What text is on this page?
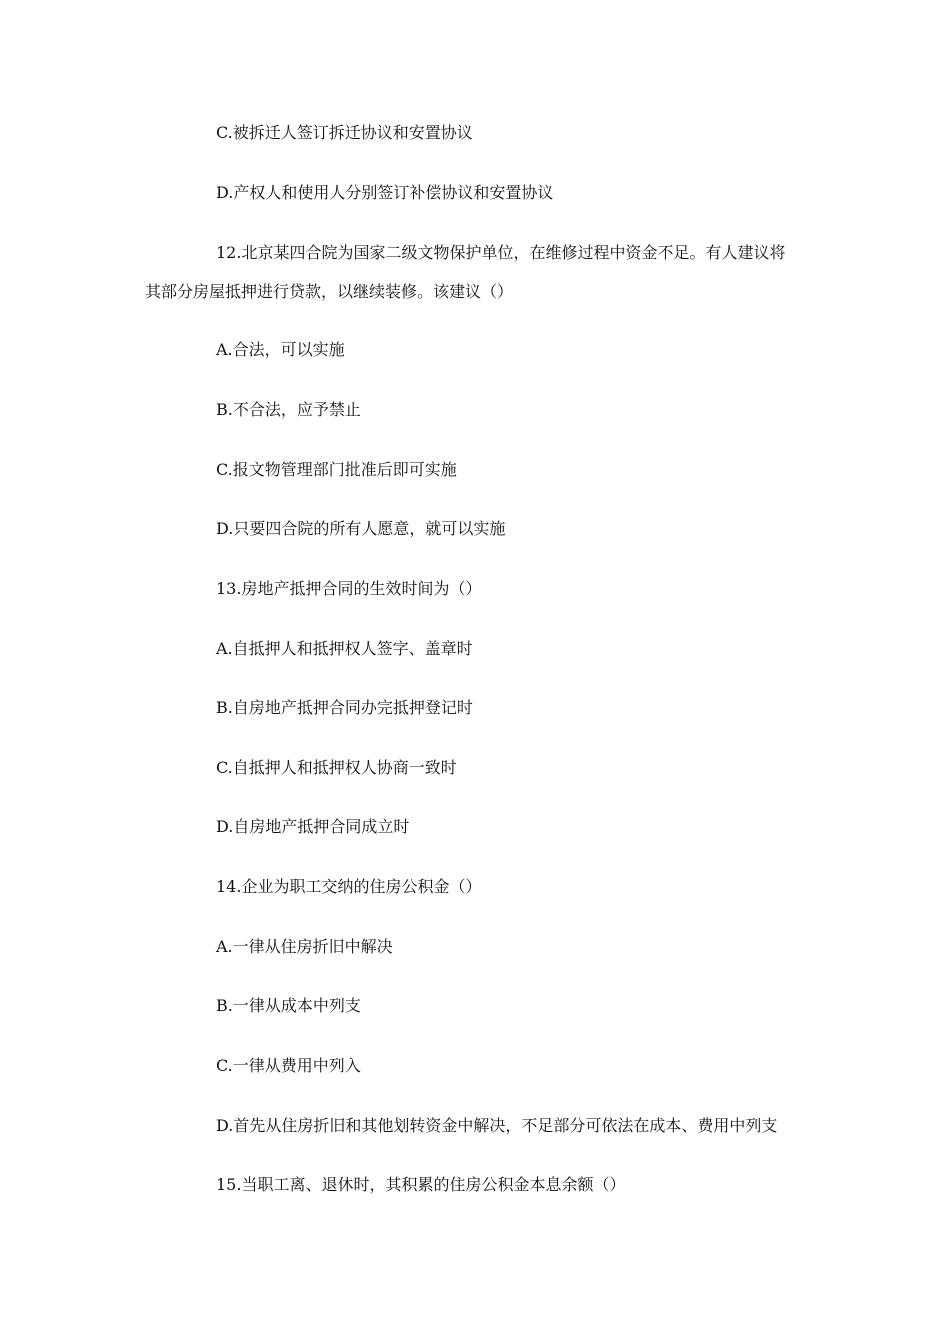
C.被拆迁人签订拆迁协议和安置协议
D.产权人和使用人分别签订补偿协议和安置协议
12.北京某四合院为国家二级文物保护单位，在维修过程中资金不足。有人建议将
其部分房屋抵押进行贷款，以继续装修。该建议（）
A.合法，可以实施
B.不合法，应予禁止
C.报文物管理部门批准后即可实施
D.只要四合院的所有人愿意，就可以实施
13.房地产抵押合同的生效时间为（）
A.自抵押人和抵押权人签字、盖章时
B.自房地产抵押合同办完抵押登记时
C.自抵押人和抵押权人协商一致时
D.自房地产抵押合同成立时
14.企业为职工交纳的住房公积金（）
A.一律从住房折旧中解决
B.一律从成本中列支
C.一律从费用中列入
D.首先从住房折旧和其他划转资金中解决，不足部分可依法在成本、费用中列支
15.当职工离、退休时，其积累的住房公积金本息余额（）
